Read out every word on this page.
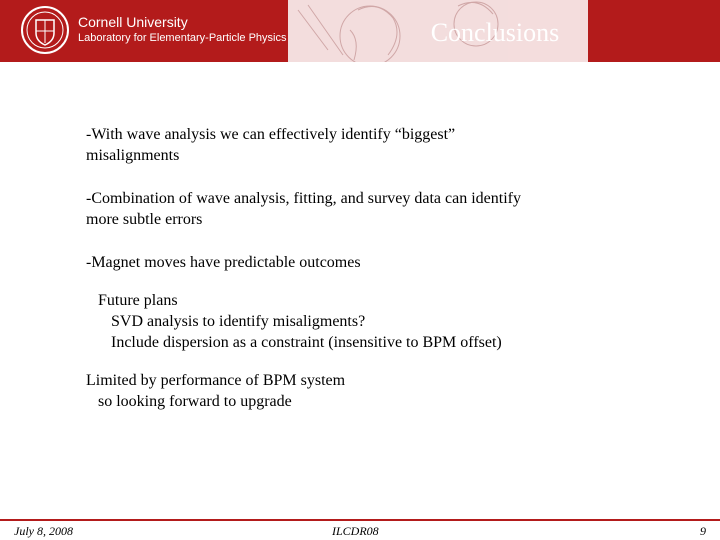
Cornell University
Laboratory for Elementary-Particle Physics	Conclusions

-With wave analysis we can effectively identify “biggest”

misalignments

-Combination of wave analysis, fitting, and survey data can identify

more subtle errors

-Magnet moves have predictable outcomes

Future plans

SVD analysis to identify misaligments?

Include dispersion as a constraint (insensitive to BPM offset)

Limited by performance of BPM system

so looking forward to upgrade

July 8, 2008	ILCDR08	9
